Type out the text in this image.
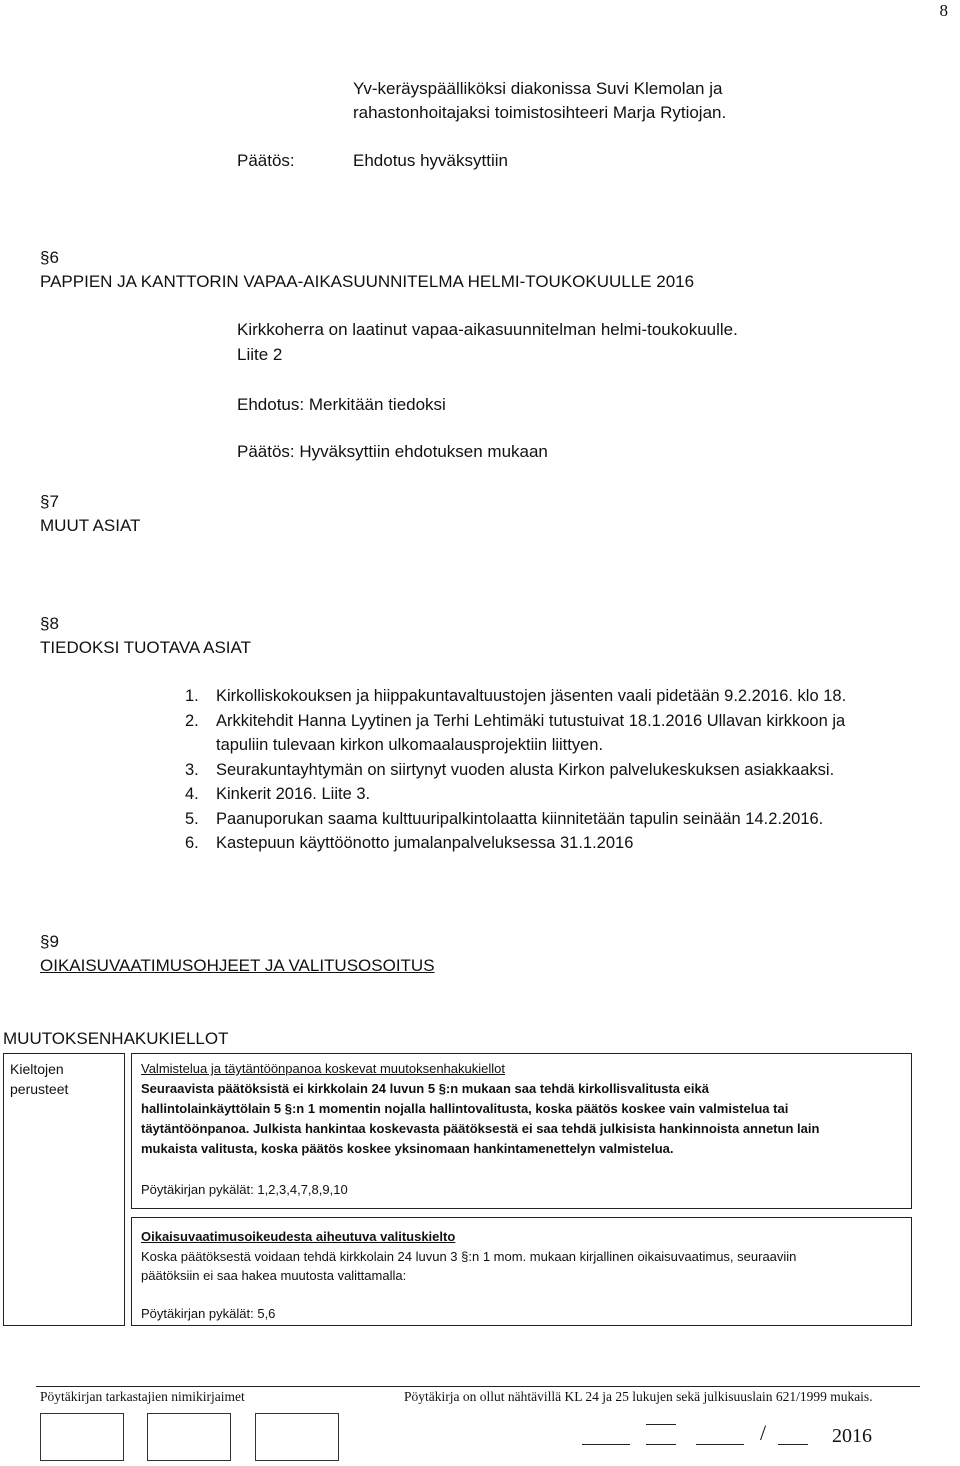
8
Yv-keräyspäälliköksi diakonissa Suvi Klemolan ja
rahastonhoitajaksi toimistosihteeri Marja Rytiojan.
Päätös:	Ehdotus hyväksyttiin
§6
PAPPIEN JA KANTTORIN VAPAA-AIKASUUNNITELMA HELMI-TOUKOKUULLE 2016
Kirkkoherra on laatinut vapaa-aikasuunnitelman helmi-toukokuulle.
Liite 2
Ehdotus: Merkitään tiedoksi
Päätös: Hyväksyttiin ehdotuksen mukaan
§7
MUUT ASIAT
§8
TIEDOKSI TUOTAVA ASIAT
1. Kirkolliskokouksen ja hiippakuntavaltuustojen jäsenten vaali pidetään 9.2.2016. klo 18.
2. Arkkitehdit Hanna Lyytinen ja Terhi Lehtimäki tutustuivat 18.1.2016 Ullavan kirkkoon ja
tapuliin tulevaan kirkon ulkomaalausprojektiin liittyen.
3. Seurakuntayhtymän on siirtynyt vuoden alusta Kirkon palvelukeskuksen asiakkaaksi.
4. Kinkerit 2016. Liite 3.
5. Paanuporukan saama kulttuuripalkintolaatta kiinnitetään tapulin seinään 14.2.2016.
6. Kastepuun käyttöönotto jumalanpalveluksessa 31.1.2016
§9
OIKAISUVAATIMUSOHJEET JA VALITUSOSOITUS
MUUTOKSENHAKUKIELLOT
Kieltojen
perusteet
Valmistelua ja täytäntöönpanoa koskevat muutoksenhakukiellot
Seuraavista päätöksistä ei kirkkolain 24 luvun 5 §:n mukaan saa tehdä kirkollisvalitusta eikä
hallintolainkäyttölain 5 §:n 1 momentin nojalla hallintovalitusta, koska päätös koskee vain valmistelua tai
täytäntöönpanoa. Julkista hankintaa koskevasta päätöksestä ei saa tehdä julkisista hankinnoista annetun lain
mukaista valitusta, koska päätös koskee yksinomaan hankintamenettelyn valmistelua.
Pöytäkirjan pykälät: 1,2,3,4,7,8,9,10
Oikaisuvaatimusoikeudesta aiheutuva valituskielto
Koska päätöksestä voidaan tehdä kirkkolain 24 luvun 3 §:n 1 mom. mukaan kirjallinen oikaisuvaatimus, seuraaviin
päätöksiin ei saa hakea muutosta valittamalla:
Pöytäkirjan pykälät: 5,6
Pöytäkirjan tarkastajien nimikirjaimet	Pöytäkirja on ollut nähtävillä KL 24 ja 25 lukujen sekä julkisuuslain 621/1999 mukais.
/	2016
